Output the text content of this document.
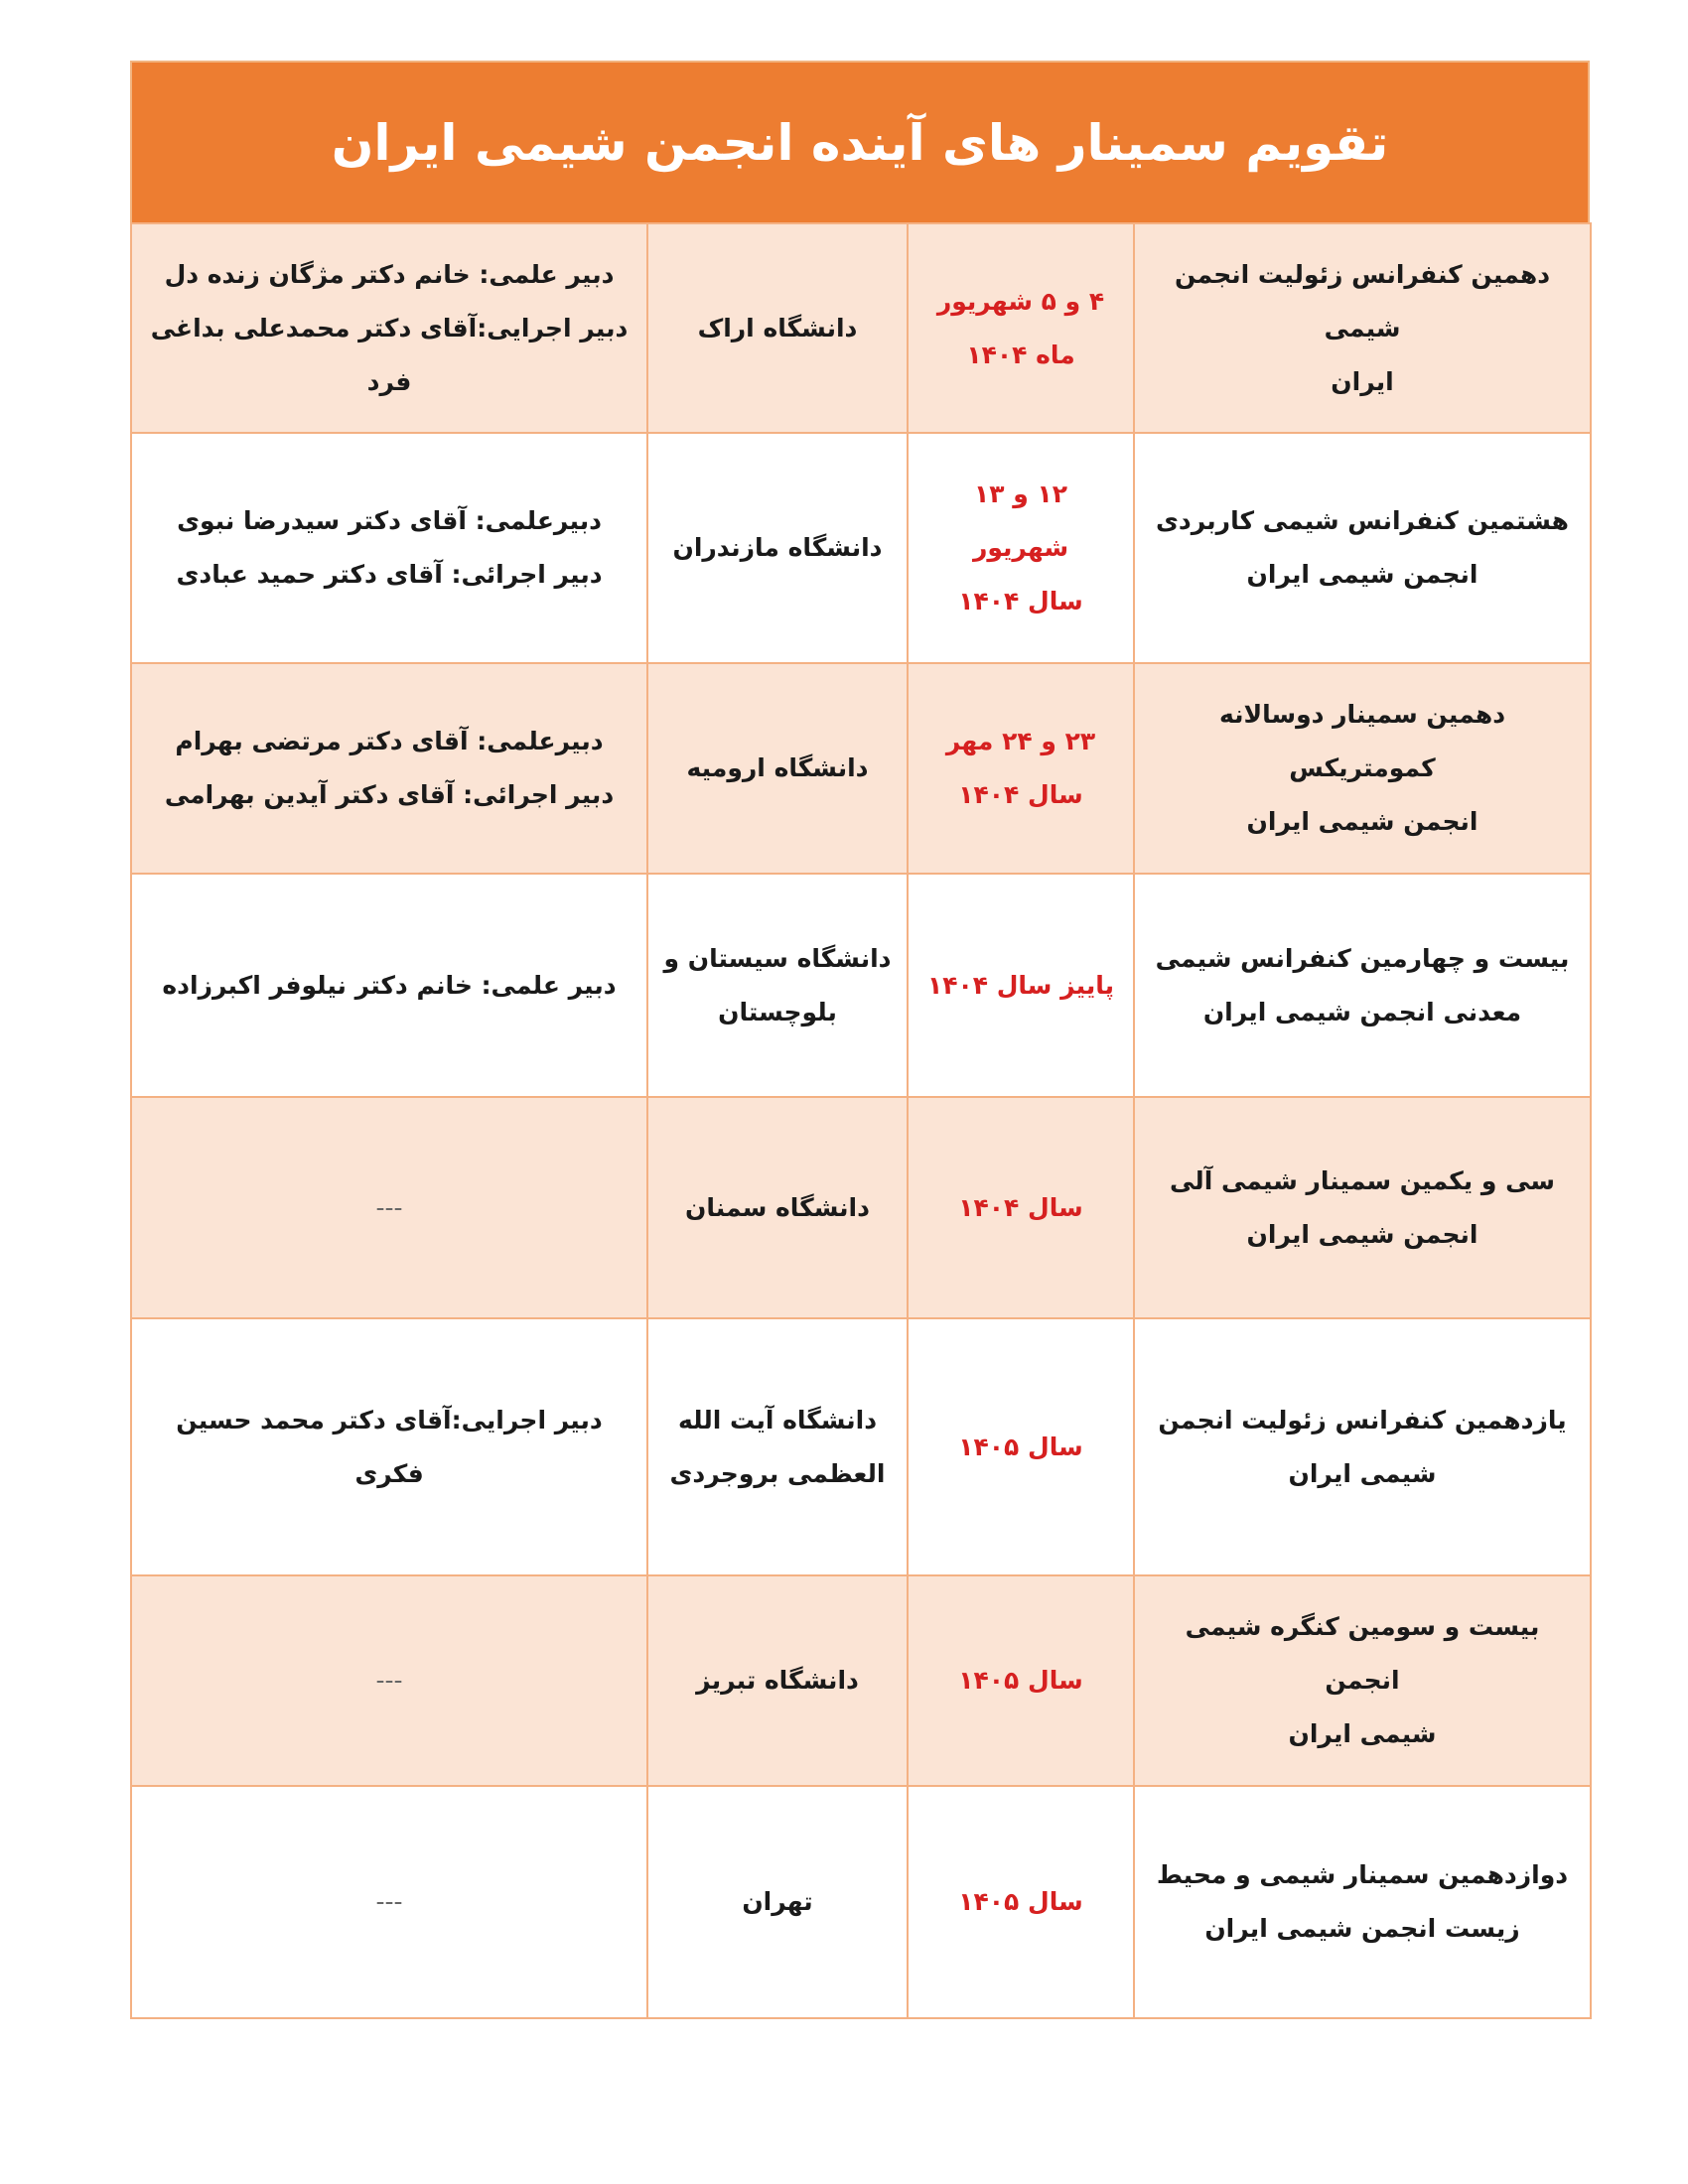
تقویم سمینار های آینده انجمن شیمی ایران
دهمین کنفرانس زئولیت انجمن شیمی
ایران	۴ و ۵ شهریور
ماه ۱۴۰۴	دانشگاه اراک	دبیر علمی: خانم دکتر مژگان زنده دل
دبیر اجرایی:آقای دکتر محمدعلی بداغی
فرد

هشتمین کنفرانس شیمی کاربردی
انجمن شیمی ایران	۱۲ و ۱۳ شهریور
سال ۱۴۰۴	دانشگاه مازندران	دبیرعلمی: آقای دکتر سیدرضا نبوی
دبیر اجرائی: آقای دکتر حمید عبادی

دهمین سمینار دوسالانه کمومتریکس
انجمن شیمی ایران	۲۳ و ۲۴ مهر
سال ۱۴۰۴	دانشگاه ارومیه	دبیرعلمی: آقای دکتر مرتضی بهرام
دبیر اجرائی: آقای دکتر آیدین بهرامی

بیست و چهارمین کنفرانس شیمی
معدنی انجمن شیمی ایران	پاییز سال ۱۴۰۴	دانشگاه سیستان و
بلوچستان	دبیر علمی: خانم دکتر نیلوفر اکبرزاده

سی و یکمین سمینار شیمی آلی
انجمن شیمی ایران	سال ۱۴۰۴	دانشگاه سمنان	---

یازدهمین کنفرانس زئولیت انجمن
شیمی ایران	سال ۱۴۰۵	دانشگاه آیت الله
العظمی بروجردی	دبیر اجرایی:آقای دکتر محمد حسین فکری

بیست و سومین کنگره شیمی انجمن
شیمی ایران	سال ۱۴۰۵	دانشگاه تبریز	---

دوازدهمین سمینار شیمی و محیط
زیست انجمن شیمی ایران	سال ۱۴۰۵	تهران	---
